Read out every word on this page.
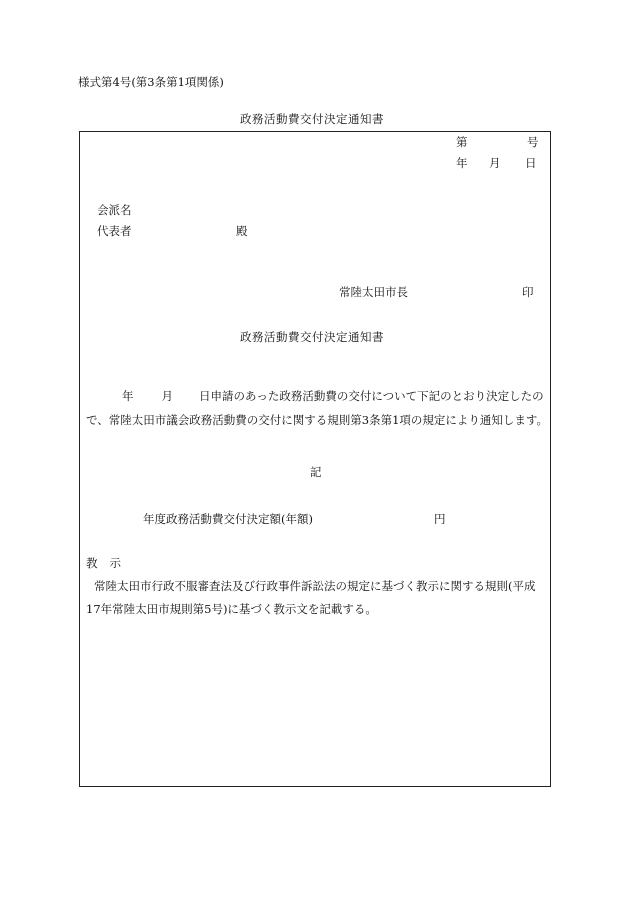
様式第4号(第3条第1項関係)
政務活動費交付決定通知書
第	号
年 月 日
会派名
代表者	殿
常陸太田市長	印
政務活動費交付決定通知書
年 月 日申請のあった政務活動費の交付について下記のとおり決定したの
で、常陸太田市議会政務活動費の交付に関する規則第3条第1項の規定により通知します。
記
年度政務活動費交付決定額(年額)	円
教 示
常陸太田市行政不服審査法及び行政事件訴訟法の規定に基づく教示に関する規則(平成
17年常陸太田市規則第5号)に基づく教示文を記載する。
